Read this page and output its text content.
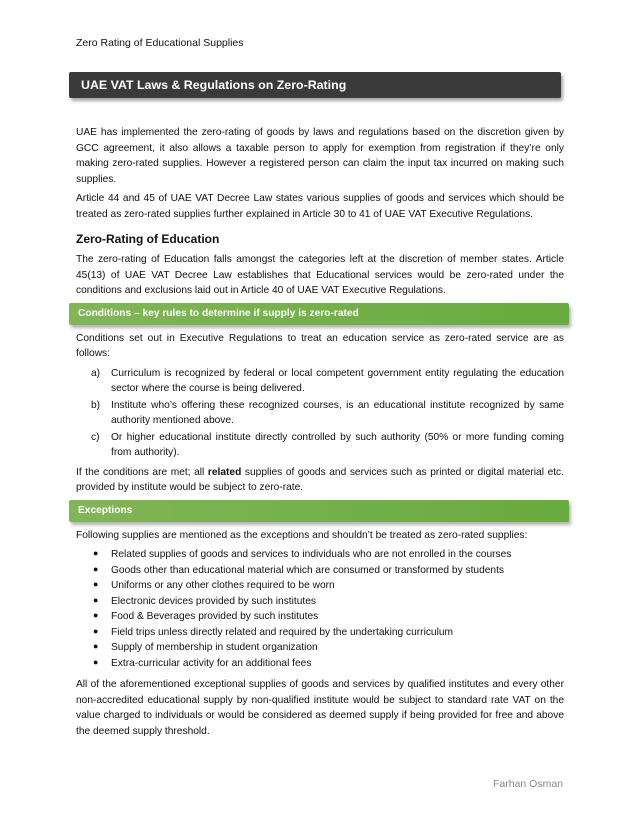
Zero Rating of Educational Supplies
UAE VAT Laws & Regulations on Zero-Rating

UAE has implemented the zero-rating of goods by laws and regulations based on the discretion given by GCC agreement, it also allows a taxable person to apply for exemption from registration if they’re only making zero-rated supplies. However a registered person can claim the input tax incurred on making such supplies.

Article 44 and 45 of UAE VAT Decree Law states various supplies of goods and services which should be treated as zero-rated supplies further explained in Article 30 to 41 of UAE VAT Executive Regulations.

Zero-Rating of Education

The zero-rating of Education falls amongst the categories left at the discretion of member states. Article 45(13) of UAE VAT Decree Law establishes that Educational services would be zero-rated under the conditions and exclusions laid out in Article 40 of UAE VAT Executive Regulations.

Conditions – key rules to determine if supply is zero-rated

Conditions set out in Executive Regulations to treat an education service as zero-rated service are as follows:

a) Curriculum is recognized by federal or local competent government entity regulating the education sector where the course is being delivered.
b) Institute who’s offering these recognized courses, is an educational institute recognized by same authority mentioned above.
c) Or higher educational institute directly controlled by such authority (50% or more funding coming from authority).

If the conditions are met; all related supplies of goods and services such as printed or digital material etc. provided by institute would be subject to zero-rate.

Exceptions

Following supplies are mentioned as the exceptions and shouldn’t be treated as zero-rated supplies:

● Related supplies of goods and services to individuals who are not enrolled in the courses
● Goods other than educational material which are consumed or transformed by students
● Uniforms or any other clothes required to be worn
● Electronic devices provided by such institutes
● Food & Beverages provided by such institutes
● Field trips unless directly related and required by the undertaking curriculum
● Supply of membership in student organization
● Extra-curricular activity for an additional fees

All of the aforementioned exceptional supplies of goods and services by qualified institutes and every other non-accredited educational supply by non-qualified institute would be subject to standard rate VAT on the value charged to individuals or would be considered as deemed supply if being provided for free and above the deemed supply threshold.

Farhan Osman
